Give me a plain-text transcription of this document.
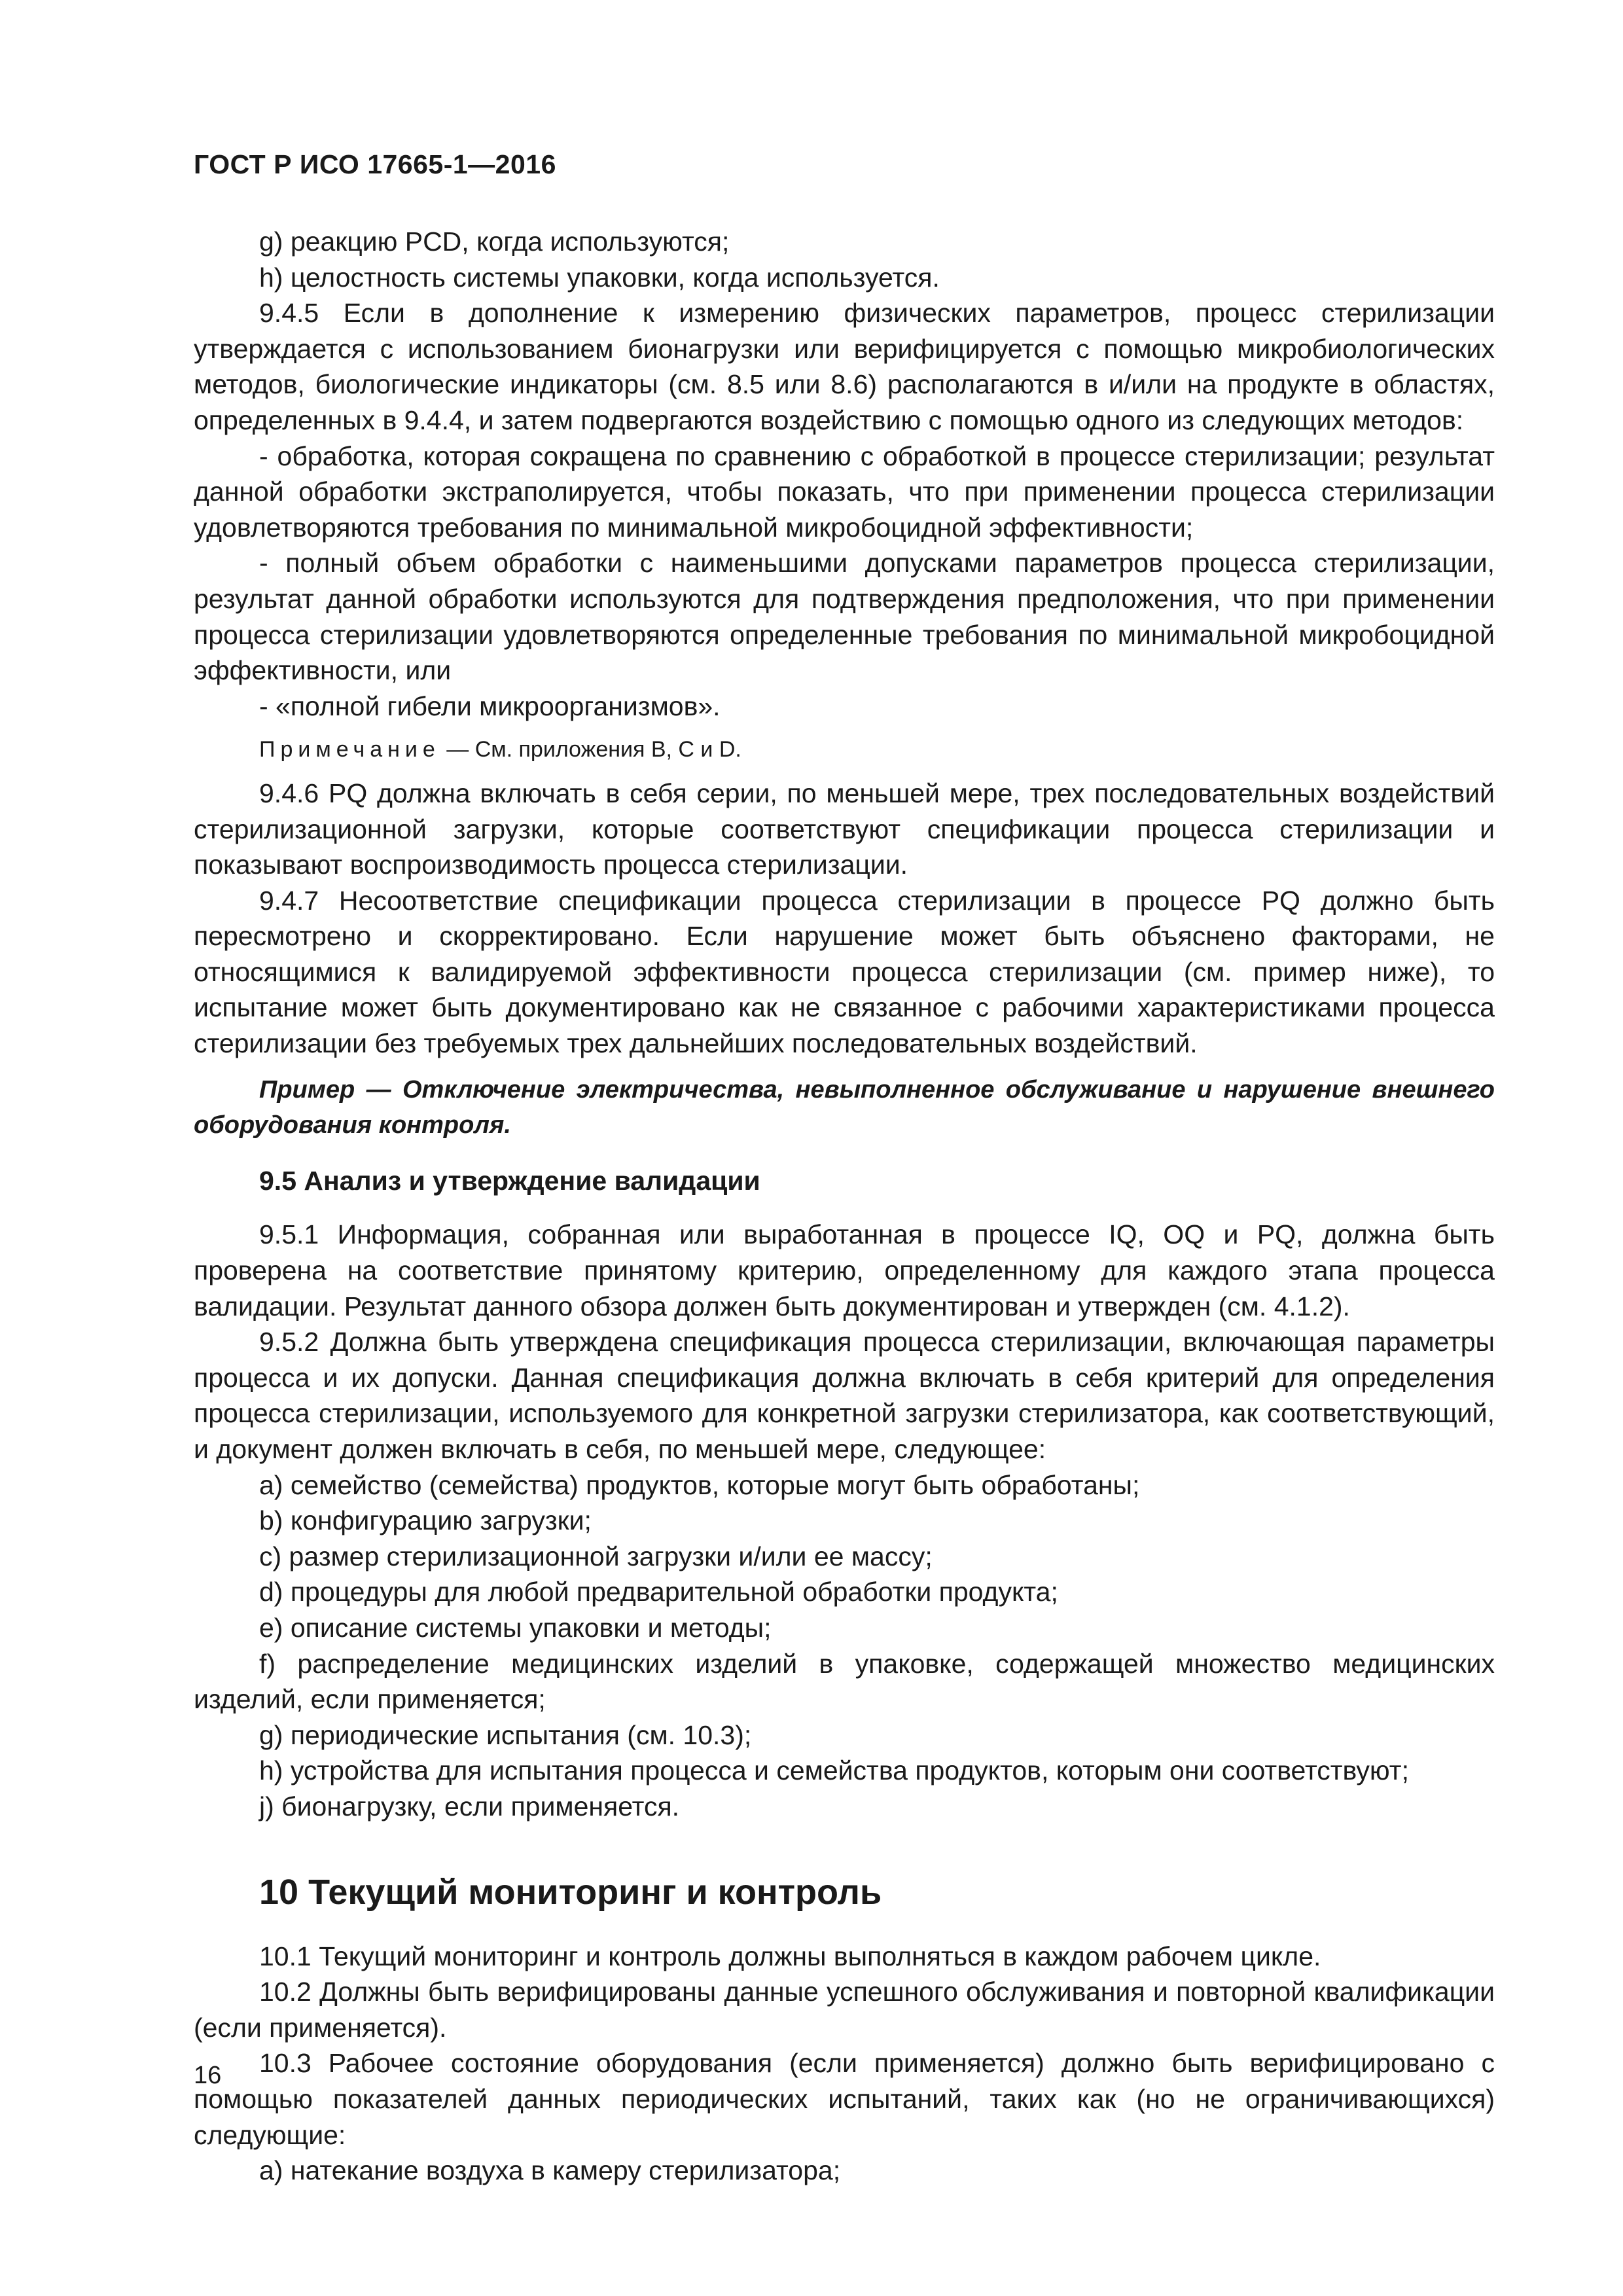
ГОСТ Р ИСО 17665-1—2016

g) реакцию PCD, когда используются;

h) целостность системы упаковки, когда используется.

9.4.5 Если в дополнение к измерению физических параметров, процесс стерилизации утверждается с использованием бионагрузки или верифицируется с помощью микробиологических методов, биологические индикаторы (см. 8.5 или 8.6) располагаются в и/или на продукте в областях, определенных в 9.4.4, и затем подвергаются воздействию с помощью одного из следующих методов:

- обработка, которая сокращена по сравнению с обработкой в процессе стерилизации; результат данной обработки экстраполируется, чтобы показать, что при применении процесса стерилизации удовлетворяются требования по минимальной микробоцидной эффективности;

- полный объем обработки с наименьшими допусками параметров процесса стерилизации, результат данной обработки используются для подтверждения предположения, что при применении процесса стерилизации удовлетворяются определенные требования по минимальной микробоцидной эффективности, или

- «полной гибели микроорганизмов».

Примечание — См. приложения B, C и D.

9.4.6 PQ должна включать в себя серии, по меньшей мере, трех последовательных воздействий стерилизационной загрузки, которые соответствуют спецификации процесса стерилизации и показывают воспроизводимость процесса стерилизации.

9.4.7 Несоответствие спецификации процесса стерилизации в процессе PQ должно быть пересмотрено и скорректировано. Если нарушение может быть объяснено факторами, не относящимися к валидируемой эффективности процесса стерилизации (см. пример ниже), то испытание может быть документировано как не связанное с рабочими характеристиками процесса стерилизации без требуемых трех дальнейших последовательных воздействий.

Пример — Отключение электричества, невыполненное обслуживание и нарушение внешнего оборудования контроля.

9.5 Анализ и утверждение валидации

9.5.1 Информация, собранная или выработанная в процессе IQ, OQ и PQ, должна быть проверена на соответствие принятому критерию, определенному для каждого этапа процесса валидации. Результат данного обзора должен быть документирован и утвержден (см. 4.1.2).

9.5.2 Должна быть утверждена спецификация процесса стерилизации, включающая параметры процесса и их допуски. Данная спецификация должна включать в себя критерий для определения процесса стерилизации, используемого для конкретной загрузки стерилизатора, как соответствующий, и документ должен включать в себя, по меньшей мере, следующее:

a) семейство (семейства) продуктов, которые могут быть обработаны;

b) конфигурацию загрузки;

c) размер стерилизационной загрузки и/или ее массу;

d) процедуры для любой предварительной обработки продукта;

e) описание системы упаковки и методы;

f) распределение медицинских изделий в упаковке, содержащей множество медицинских изделий, если применяется;

g) периодические испытания (см. 10.3);

h) устройства для испытания процесса и семейства продуктов, которым они соответствуют;

j) бионагрузку, если применяется.

10 Текущий мониторинг и контроль

10.1 Текущий мониторинг и контроль должны выполняться в каждом рабочем цикле.

10.2 Должны быть верифицированы данные успешного обслуживания и повторной квалификации (если применяется).

10.3 Рабочее состояние оборудования (если применяется) должно быть верифицировано с помощью показателей данных периодических испытаний, таких как (но не ограничивающихся) следующие:

a) натекание воздуха в камеру стерилизатора;

16
